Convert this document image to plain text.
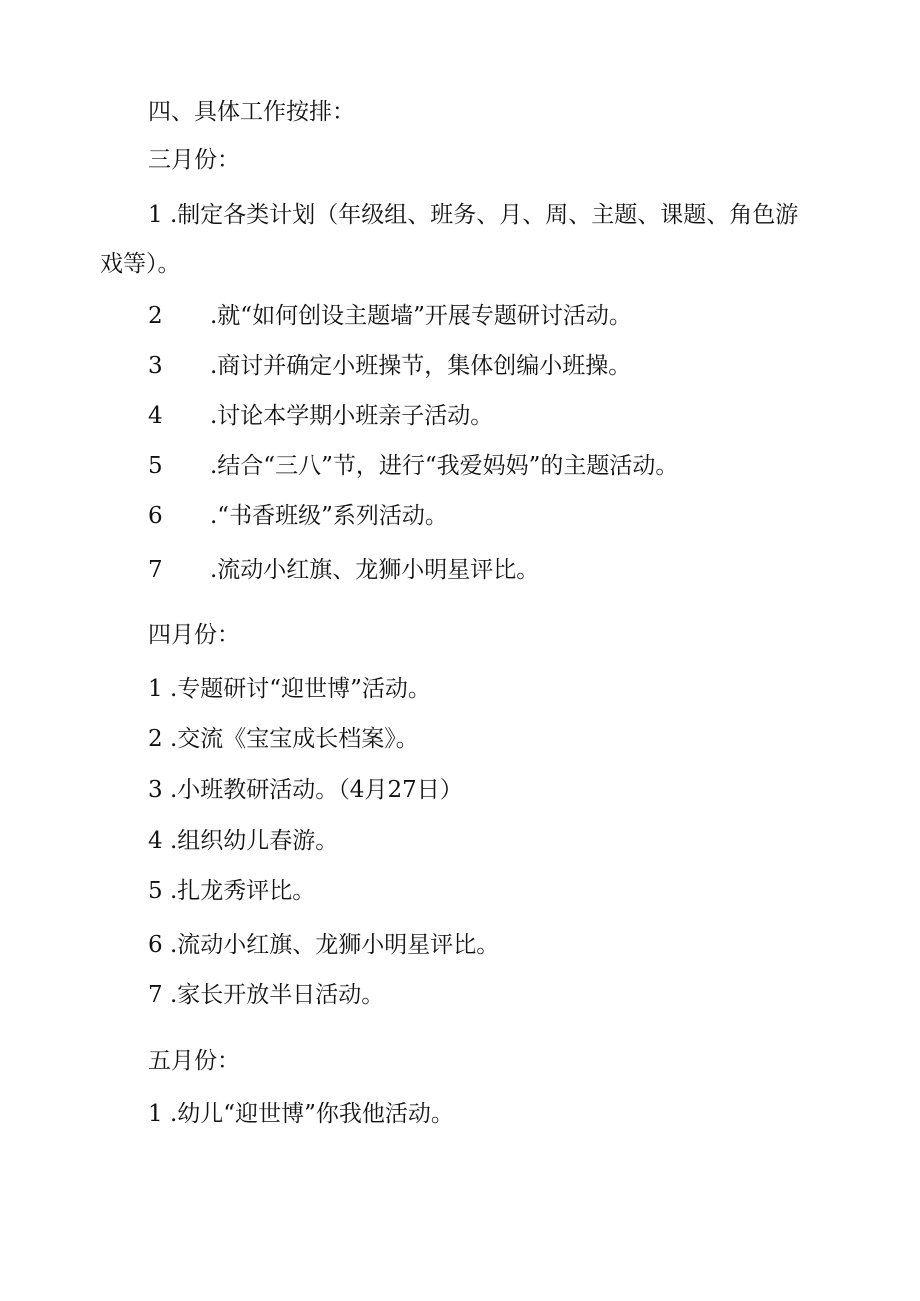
四、具体工作按排：
三月份：
1 .制定各类计划（年级组、班务、月、周、主题、课题、角色游
戏等）。
2 .就“如何创设主题墙”开展专题研讨活动。
3 .商讨并确定小班操节，集体创编小班操。
4 .讨论本学期小班亲子活动。
5 .结合“三八”节，进行“我爱妈妈”的主题活动。
6 .“书香班级”系列活动。
7 .流动小红旗、龙狮小明星评比。
四月份：
1 .专题研讨“迎世博”活动。
2 .交流《宝宝成长档案》。
3 .小班教研活动。（4月27日）
4 .组织幼儿春游。
5 .扎龙秀评比。
6 .流动小红旗、龙狮小明星评比。
7 .家长开放半日活动。
五月份：
1 .幼儿“迎世博”你我他活动。
